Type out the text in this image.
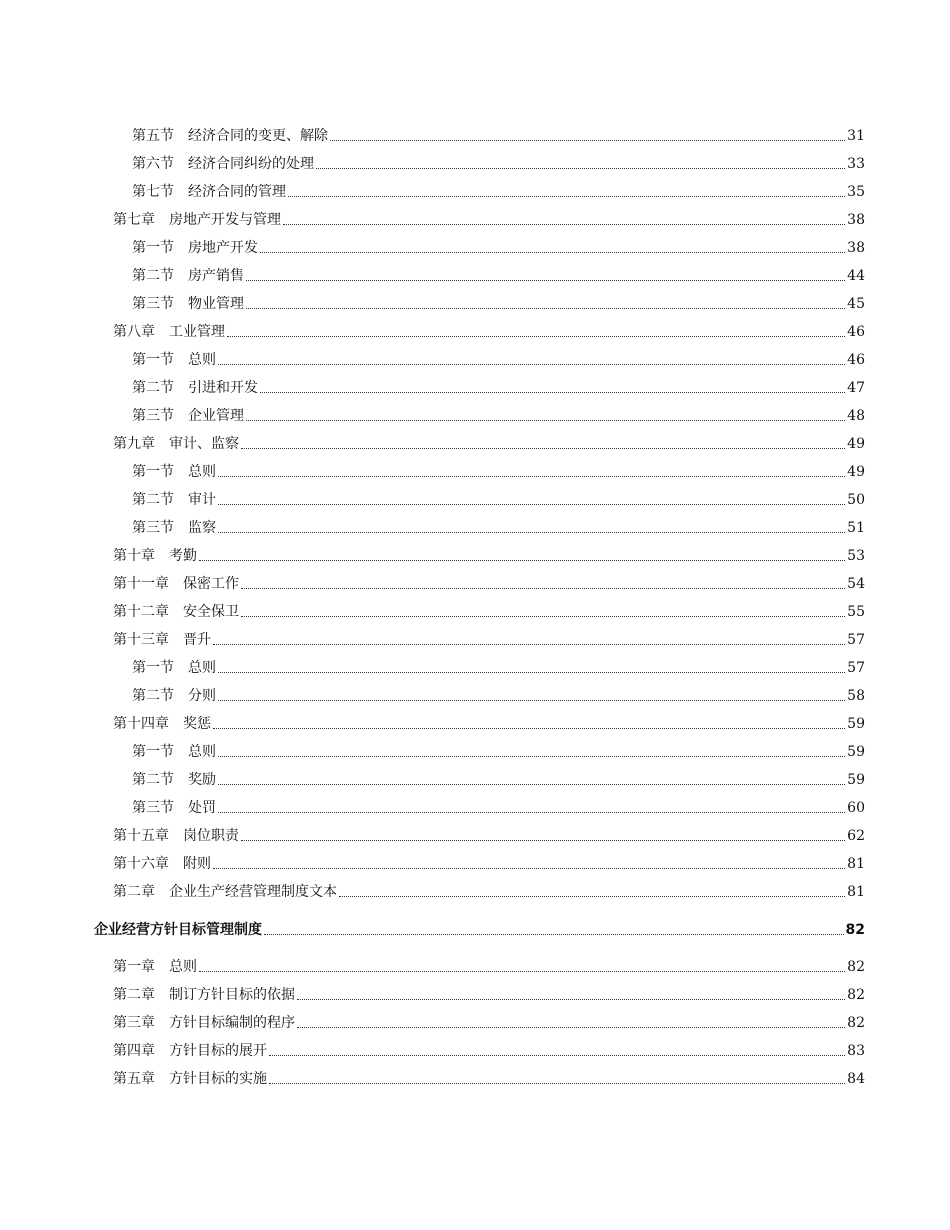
第五节　经济合同的变更、解除	31
第六节　经济合同纠纷的处理	33
第七节　经济合同的管理	35
第七章　房地产开发与管理	38
第一节　房地产开发	38
第二节　房产销售	44
第三节　物业管理	45
第八章　工业管理	46
第一节　总则	46
第二节　引进和开发	47
第三节　企业管理	48
第九章　审计、监察	49
第一节　总则	49
第二节　审计	50
第三节　监察	51
第十章　考勤	53
第十一章　保密工作	54
第十二章　安全保卫	55
第十三章　晋升	57
第一节　总则	57
第二节　分则	58
第十四章　奖惩	59
第一节　总则	59
第二节　奖励	59
第三节　处罚	60
第十五章　岗位职责	62
第十六章　附则	81
第二章　企业生产经营管理制度文本	81
企业经营方针目标管理制度	82
第一章　总则	82
第二章　制订方针目标的依据	82
第三章　方针目标编制的程序	82
第四章　方针目标的展开	83
第五章　方针目标的实施	84
